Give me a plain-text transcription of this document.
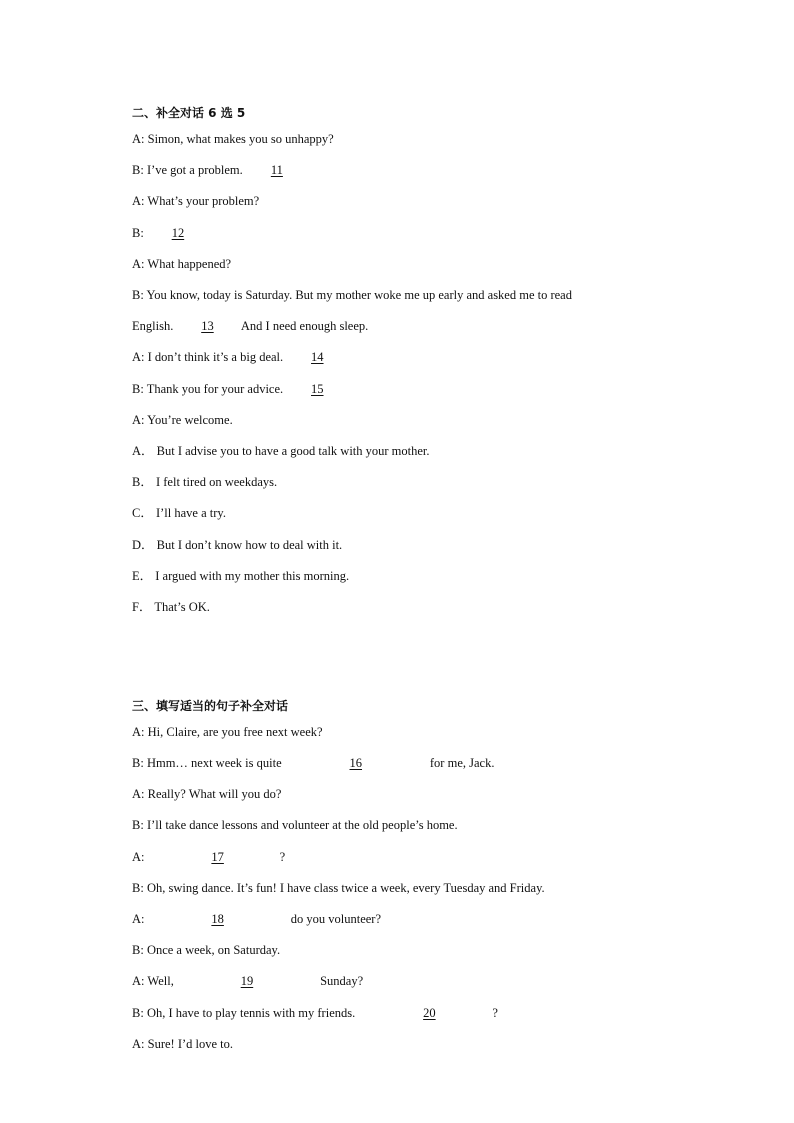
二、补全对话 6 选 5
A: Simon, what makes you so unhappy?
B: I’ve got a problem. 11
A: What’s your problem?
B: 12
A: What happened?
B: You know, today is Saturday. But my mother woke me up early and asked me to read
English. 13 And I need enough sleep.
A: I don’t think it’s a big deal. 14
B: Thank you for your advice. 15
A: You’re welcome.
A． But I advise you to have a good talk with your mother.
B． I felt tired on weekdays.
C． I’ll have a try.
D． But I don’t know how to deal with it.
E． I argued with my mother this morning.
F． That’s OK.
三、填写适当的句子补全对话
A: Hi, Claire, are you free next week?
B: Hmm… next week is quite	16	for me, Jack.
A: Really? What will you do?
B: I’ll take dance lessons and volunteer at the old people’s home.
A:	17	?
B: Oh, swing dance. It’s fun! I have class twice a week, every Tuesday and Friday.
A:	18	do you volunteer?
B: Once a week, on Saturday.
A: Well,	19	Sunday?
B: Oh, I have to play tennis with my friends.	20	?
A: Sure! I’d love to.
